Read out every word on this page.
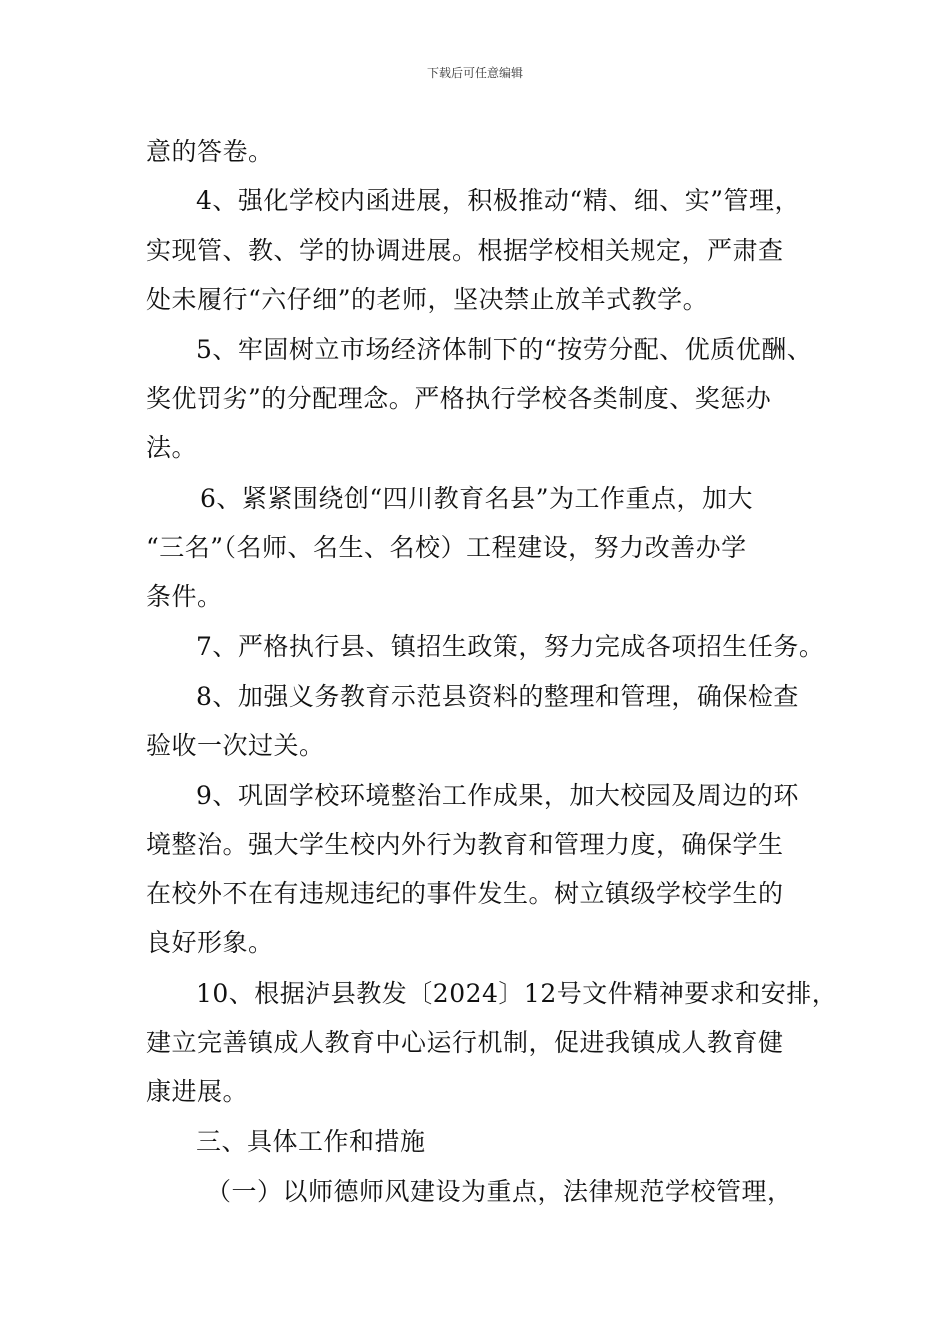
下载后可任意编辑
意的答卷。
4、强化学校内函进展，积极推动“精、细、实”管理，
实现管、教、学的协调进展。根据学校相关规定，严肃查
处未履行“六仔细”的老师，坚决禁止放羊式教学。
5、牢固树立市场经济体制下的“按劳分配、优质优酬、
奖优罚劣”的分配理念。严格执行学校各类制度、奖惩办
法。
6、紧紧围绕创“四川教育名县”为工作重点，加大
“三名”（名师、名生、名校）工程建设，努力改善办学
条件。
7、严格执行县、镇招生政策，努力完成各项招生任务。
8、加强义务教育示范县资料的整理和管理，确保检查
验收一次过关。
9、巩固学校环境整治工作成果，加大校园及周边的环
境整治。强大学生校内外行为教育和管理力度，确保学生
在校外不在有违规违纪的事件发生。树立镇级学校学生的
良好形象。
10、根据泸县教发〔2024〕12号文件精神要求和安排，
建立完善镇成人教育中心运行机制，促进我镇成人教育健
康进展。
三、具体工作和措施
（一）以师德师风建设为重点，法律规范学校管理，
